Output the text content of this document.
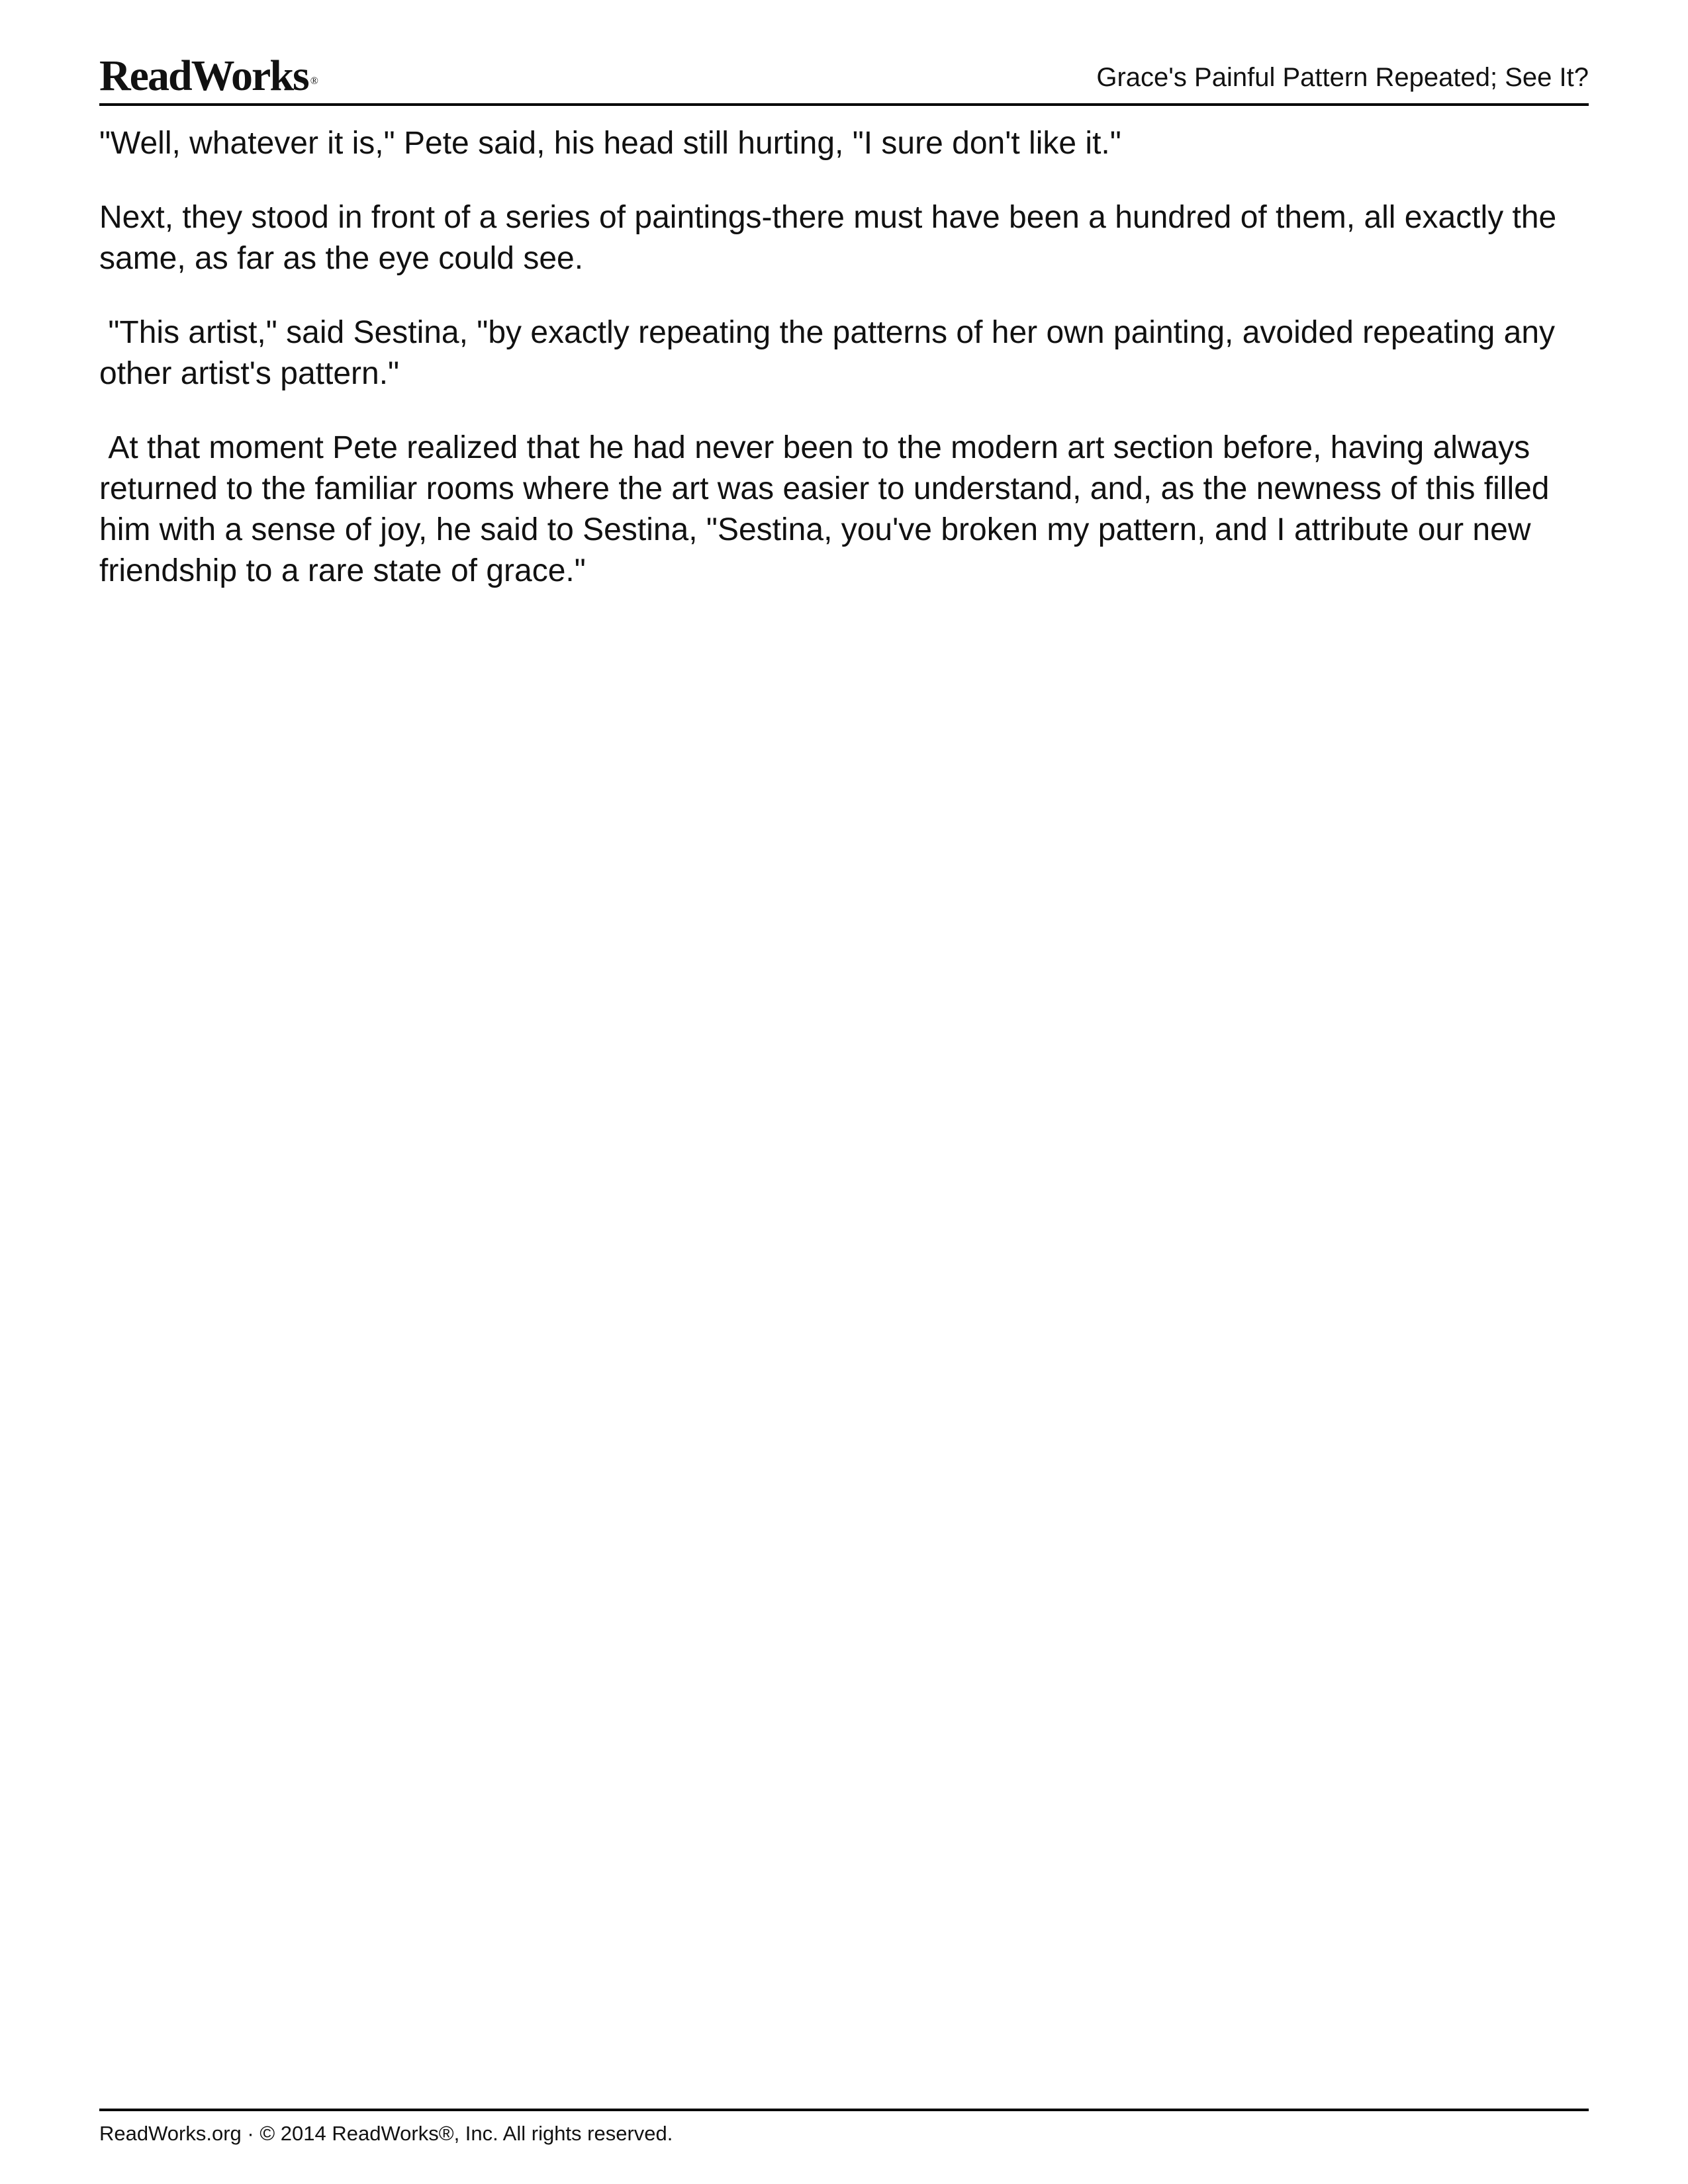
ReadWorks ®	Grace's Painful Pattern Repeated; See It?

"Well, whatever it is," Pete said, his head still hurting, "I sure don't like it."

Next, they stood in front of a series of paintings-there must have been a hundred of them, all exactly the same, as far as the eye could see.

"This artist," said Sestina, "by exactly repeating the patterns of her own painting, avoided repeating any other artist's pattern."

At that moment Pete realized that he had never been to the modern art section before, having always returned to the familiar rooms where the art was easier to understand, and, as the newness of this filled him with a sense of joy, he said to Sestina, "Sestina, you've broken my pattern, and I attribute our new friendship to a rare state of grace."

ReadWorks.org · © 2014 ReadWorks®, Inc. All rights reserved.
